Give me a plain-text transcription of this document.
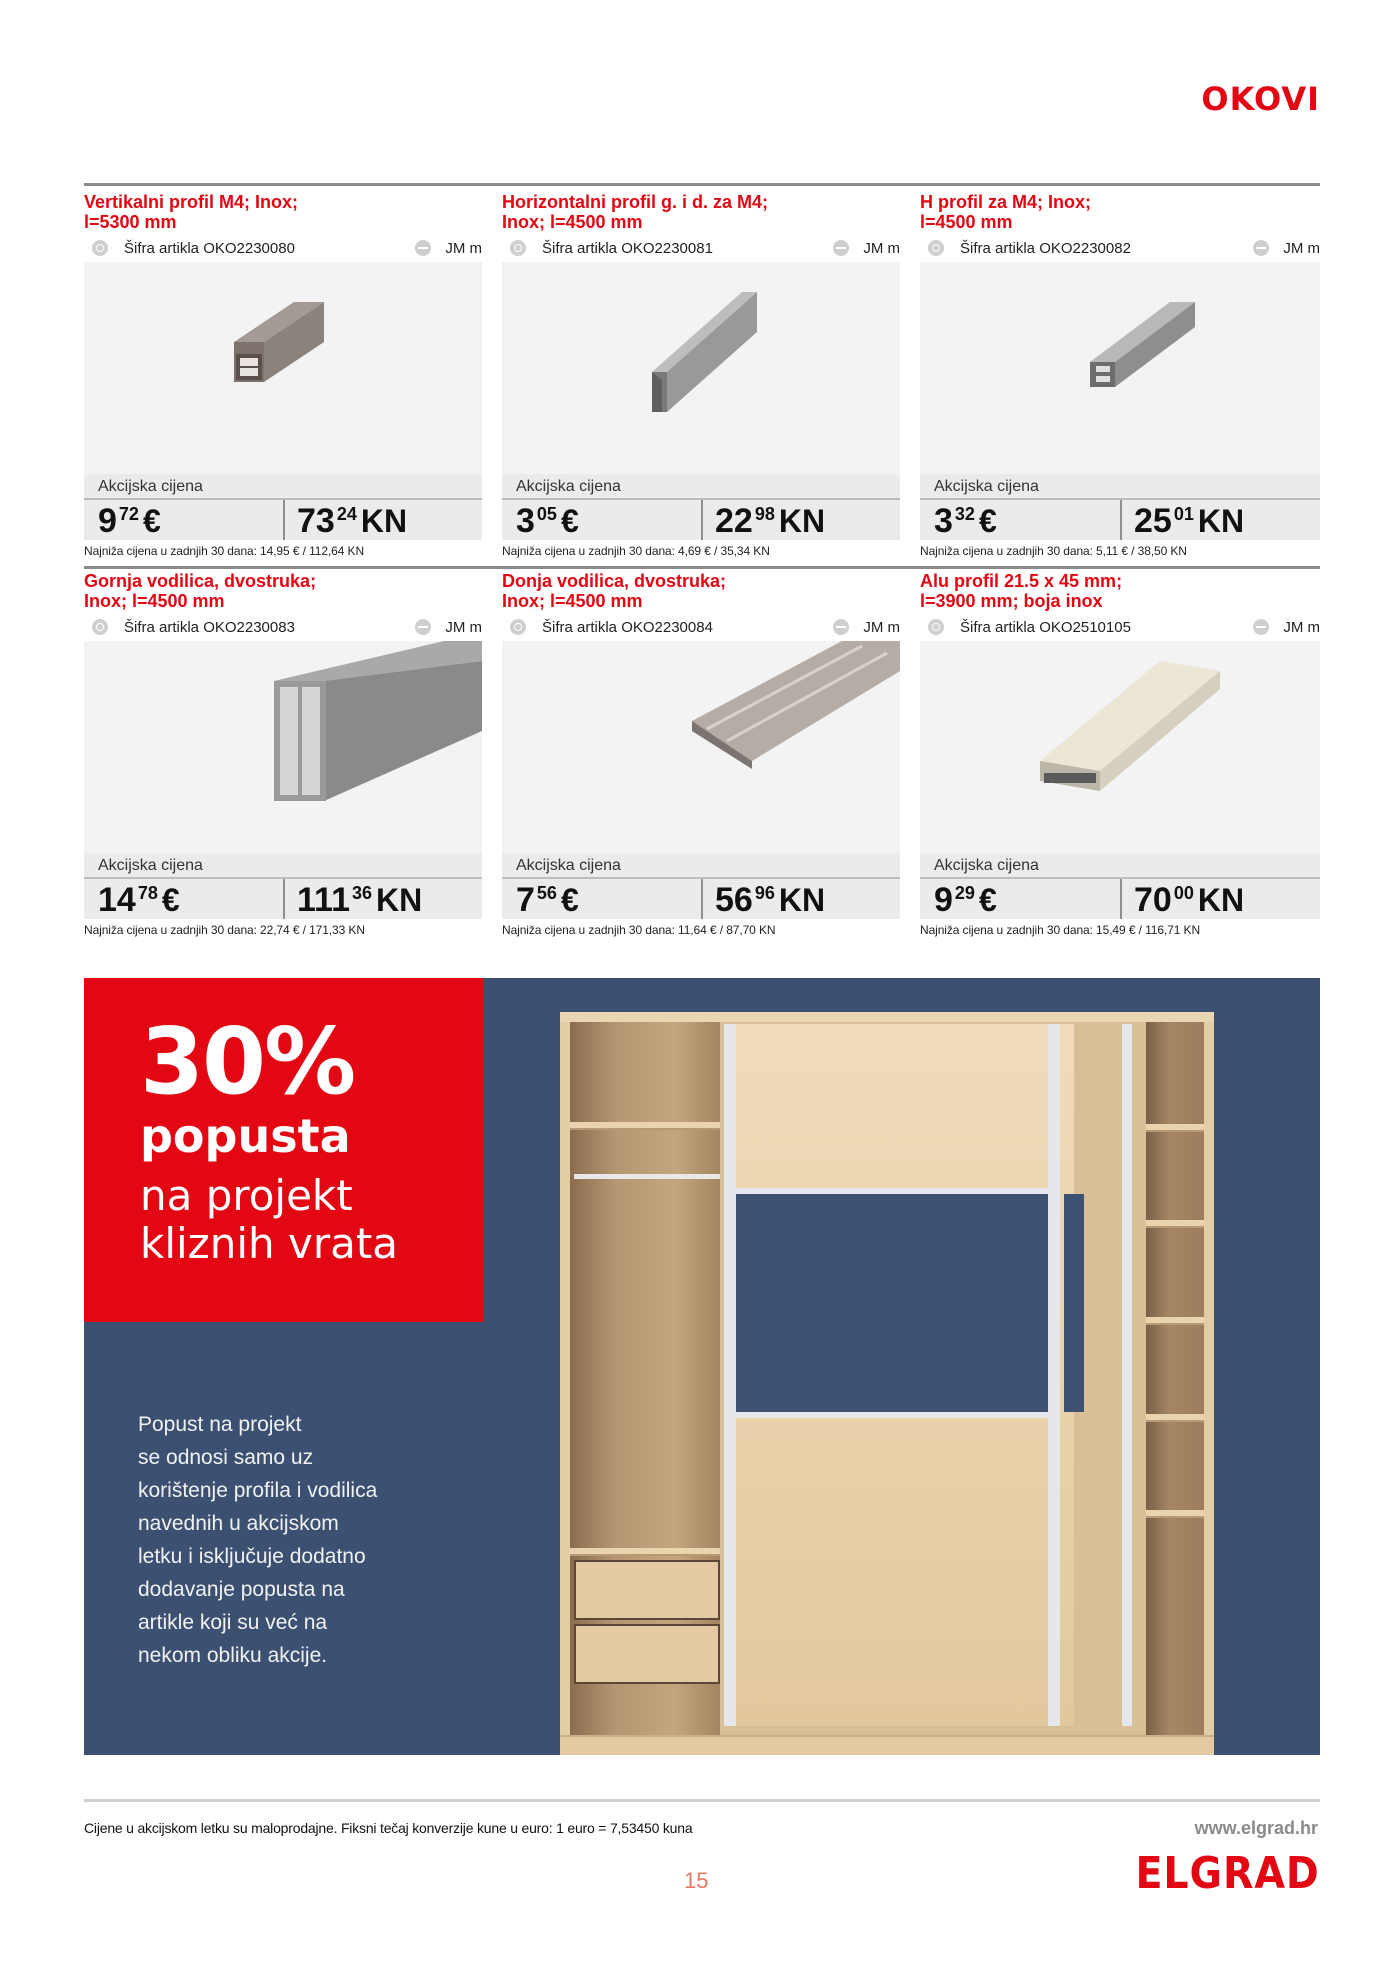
OKOVI
Vertikalni profil M4; Inox;
l=5300 mm
Šifra artikla OKO2230080	JM m
Akcijska cijena
9 72 €	73 24 KN
Najniža cijena u zadnjih 30 dana: 14,95 € / 112,64 KN
Horizontalni profil g. i d. za M4;
Inox; l=4500 mm
Šifra artikla OKO2230081	JM m
Akcijska cijena
3 05 €	22 98 KN
Najniža cijena u zadnjih 30 dana: 4,69 € / 35,34 KN
H profil za M4; Inox;
l=4500 mm
Šifra artikla OKO2230082	JM m
Akcijska cijena
3 32 €	25 01 KN
Najniža cijena u zadnjih 30 dana: 5,11 € / 38,50 KN
Gornja vodilica, dvostruka;
Inox; l=4500 mm
Šifra artikla OKO2230083	JM m
Akcijska cijena
14 78 €	111 36 KN
Najniža cijena u zadnjih 30 dana: 22,74 € / 171,33 KN
Donja vodilica, dvostruka;
Inox; l=4500 mm
Šifra artikla OKO2230084	JM m
Akcijska cijena
7 56 €	56 96 KN
Najniža cijena u zadnjih 30 dana: 11,64 € / 87,70 KN
Alu profil 21.5 x 45 mm;
l=3900 mm; boja inox
Šifra artikla OKO2510105	JM m
Akcijska cijena
9 29 €	70 00 KN
Najniža cijena u zadnjih 30 dana: 15,49 € / 116,71 KN
30%
popusta
na projekt
kliznih vrata
Popust na projekt
se odnosi samo uz
korištenje profila i vodilica
navednih u akcijskom
letku i isključuje dodatno
dodavanje popusta na
artikle koji su već na
nekom obliku akcije.
Cijene u akcijskom letku su maloprodajne. Fiksni tečaj konverzije kune u euro: 1 euro = 7,53450 kuna
15
www.elgrad.hr
ELGRAD
